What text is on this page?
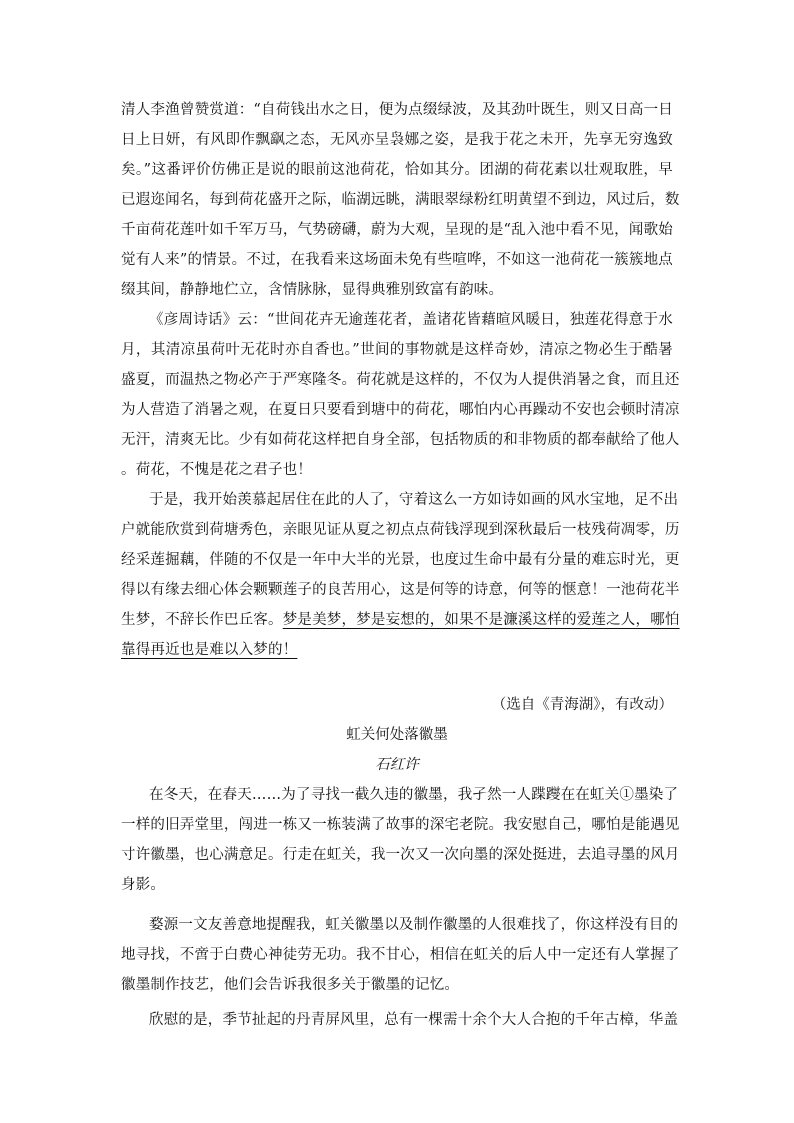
清人李渔曾赞赏道：“自荷钱出水之日，便为点缀绿波，及其劲叶既生，则又日高一日
日上日妍，有风即作飘飖之态，无风亦呈袅娜之姿，是我于花之未开，先享无穷逸致
矣。”这番评价仿佛正是说的眼前这池荷花，恰如其分。团湖的荷花素以壮观取胜，早
已遐迩闻名，每到荷花盛开之际，临湖远眺，满眼翠绿粉红明黄望不到边，风过后，数
千亩荷花莲叶如千军万马，气势磅礴，蔚为大观，呈现的是“乱入池中看不见，闻歌始
觉有人来”的情景。不过，在我看来这场面未免有些喧哗，不如这一池荷花一簇簇地点
缀其间，静静地伫立，含情脉脉，显得典雅别致富有韵味。
《彦周诗话》云：“世间花卉无逾莲花者，盖诸花皆藉暄风暖日，独莲花得意于水
月，其清凉虽荷叶无花时亦自香也。”世间的事物就是这样奇妙，清凉之物必生于酷暑
盛夏，而温热之物必产于严寒隆冬。荷花就是这样的，不仅为人提供消暑之食，而且还
为人营造了消暑之观，在夏日只要看到塘中的荷花，哪怕内心再躁动不安也会顿时清凉
无汗，清爽无比。少有如荷花这样把自身全部，包括物质的和非物质的都奉献给了他人
。荷花，不愧是花之君子也！
于是，我开始羡慕起居住在此的人了，守着这么一方如诗如画的风水宝地，足不出
户就能欣赏到荷塘秀色，亲眼见证从夏之初点点荷钱浮现到深秋最后一枝残荷凋零，历
经采莲掘藕，伴随的不仅是一年中大半的光景，也度过生命中最有分量的难忘时光，更
得以有缘去细心体会颗颗莲子的良苦用心，这是何等的诗意，何等的惬意！一池荷花半
生梦，不辞长作巴丘客。梦是美梦，梦是妄想的，如果不是濂溪这样的爱莲之人，哪怕
靠得再近也是难以入梦的！
（选自《青海湖》，有改动）
虹关何处落徽墨
石红许
在冬天，在春天……为了寻找一截久违的徽墨，我孑然一人蹀躞在在虹关①墨染了
一样的旧弄堂里，闯进一栋又一栋装满了故事的深宅老院。我安慰自己，哪怕是能遇见
寸许徽墨，也心满意足。行走在虹关，我一次又一次向墨的深处挺进，去追寻墨的风月
身影。
婺源一文友善意地提醒我，虹关徽墨以及制作徽墨的人很难找了，你这样没有目的
地寻找，不啻于白费心神徒劳无功。我不甘心，相信在虹关的后人中一定还有人掌握了
徽墨制作技艺，他们会告诉我很多关于徽墨的记忆。
欣慰的是，季节扯起的丹青屏风里，总有一棵需十余个大人合抱的千年古樟，华盖
